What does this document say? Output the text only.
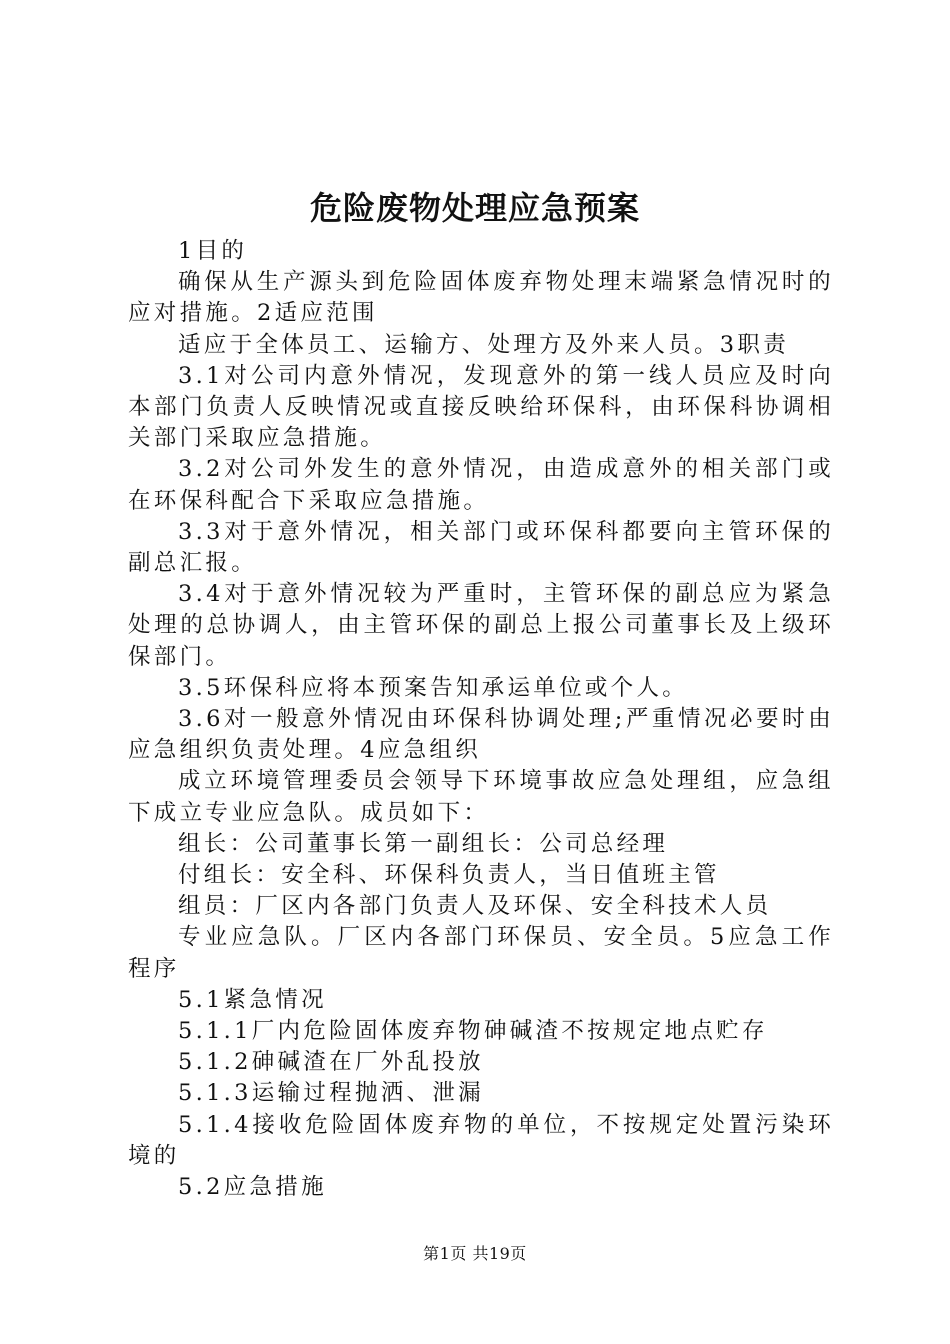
危险废物处理应急预案

1目的

确保从生产源头到危险固体废弃物处理末端紧急情况时的应对措施。2适应范围

适应于全体员工、运输方、处理方及外来人员。3职责

3.1对公司内意外情况，发现意外的第一线人员应及时向本部门负责人反映情况或直接反映给环保科，由环保科协调相关部门采取应急措施。

3.2对公司外发生的意外情况，由造成意外的相关部门或在环保科配合下采取应急措施。

3.3对于意外情况，相关部门或环保科都要向主管环保的副总汇报。

3.4对于意外情况较为严重时，主管环保的副总应为紧急处理的总协调人，由主管环保的副总上报公司董事长及上级环保部门。

3.5环保科应将本预案告知承运单位或个人。

3.6对一般意外情况由环保科协调处理;严重情况必要时由应急组织负责处理。4应急组织

成立环境管理委员会领导下环境事故应急处理组，应急组下成立专业应急队。成员如下：

组长：公司董事长第一副组长：公司总经理

付组长：安全科、环保科负责人，当日值班主管

组员：厂区内各部门负责人及环保、安全科技术人员

专业应急队。厂区内各部门环保员、安全员。5应急工作程序

5.1紧急情况

5.1.1厂内危险固体废弃物砷碱渣不按规定地点贮存

5.1.2砷碱渣在厂外乱投放

5.1.3运输过程抛洒、泄漏

5.1.4接收危险固体废弃物的单位，不按规定处置污染环境的

5.2应急措施

第1页 共19页
